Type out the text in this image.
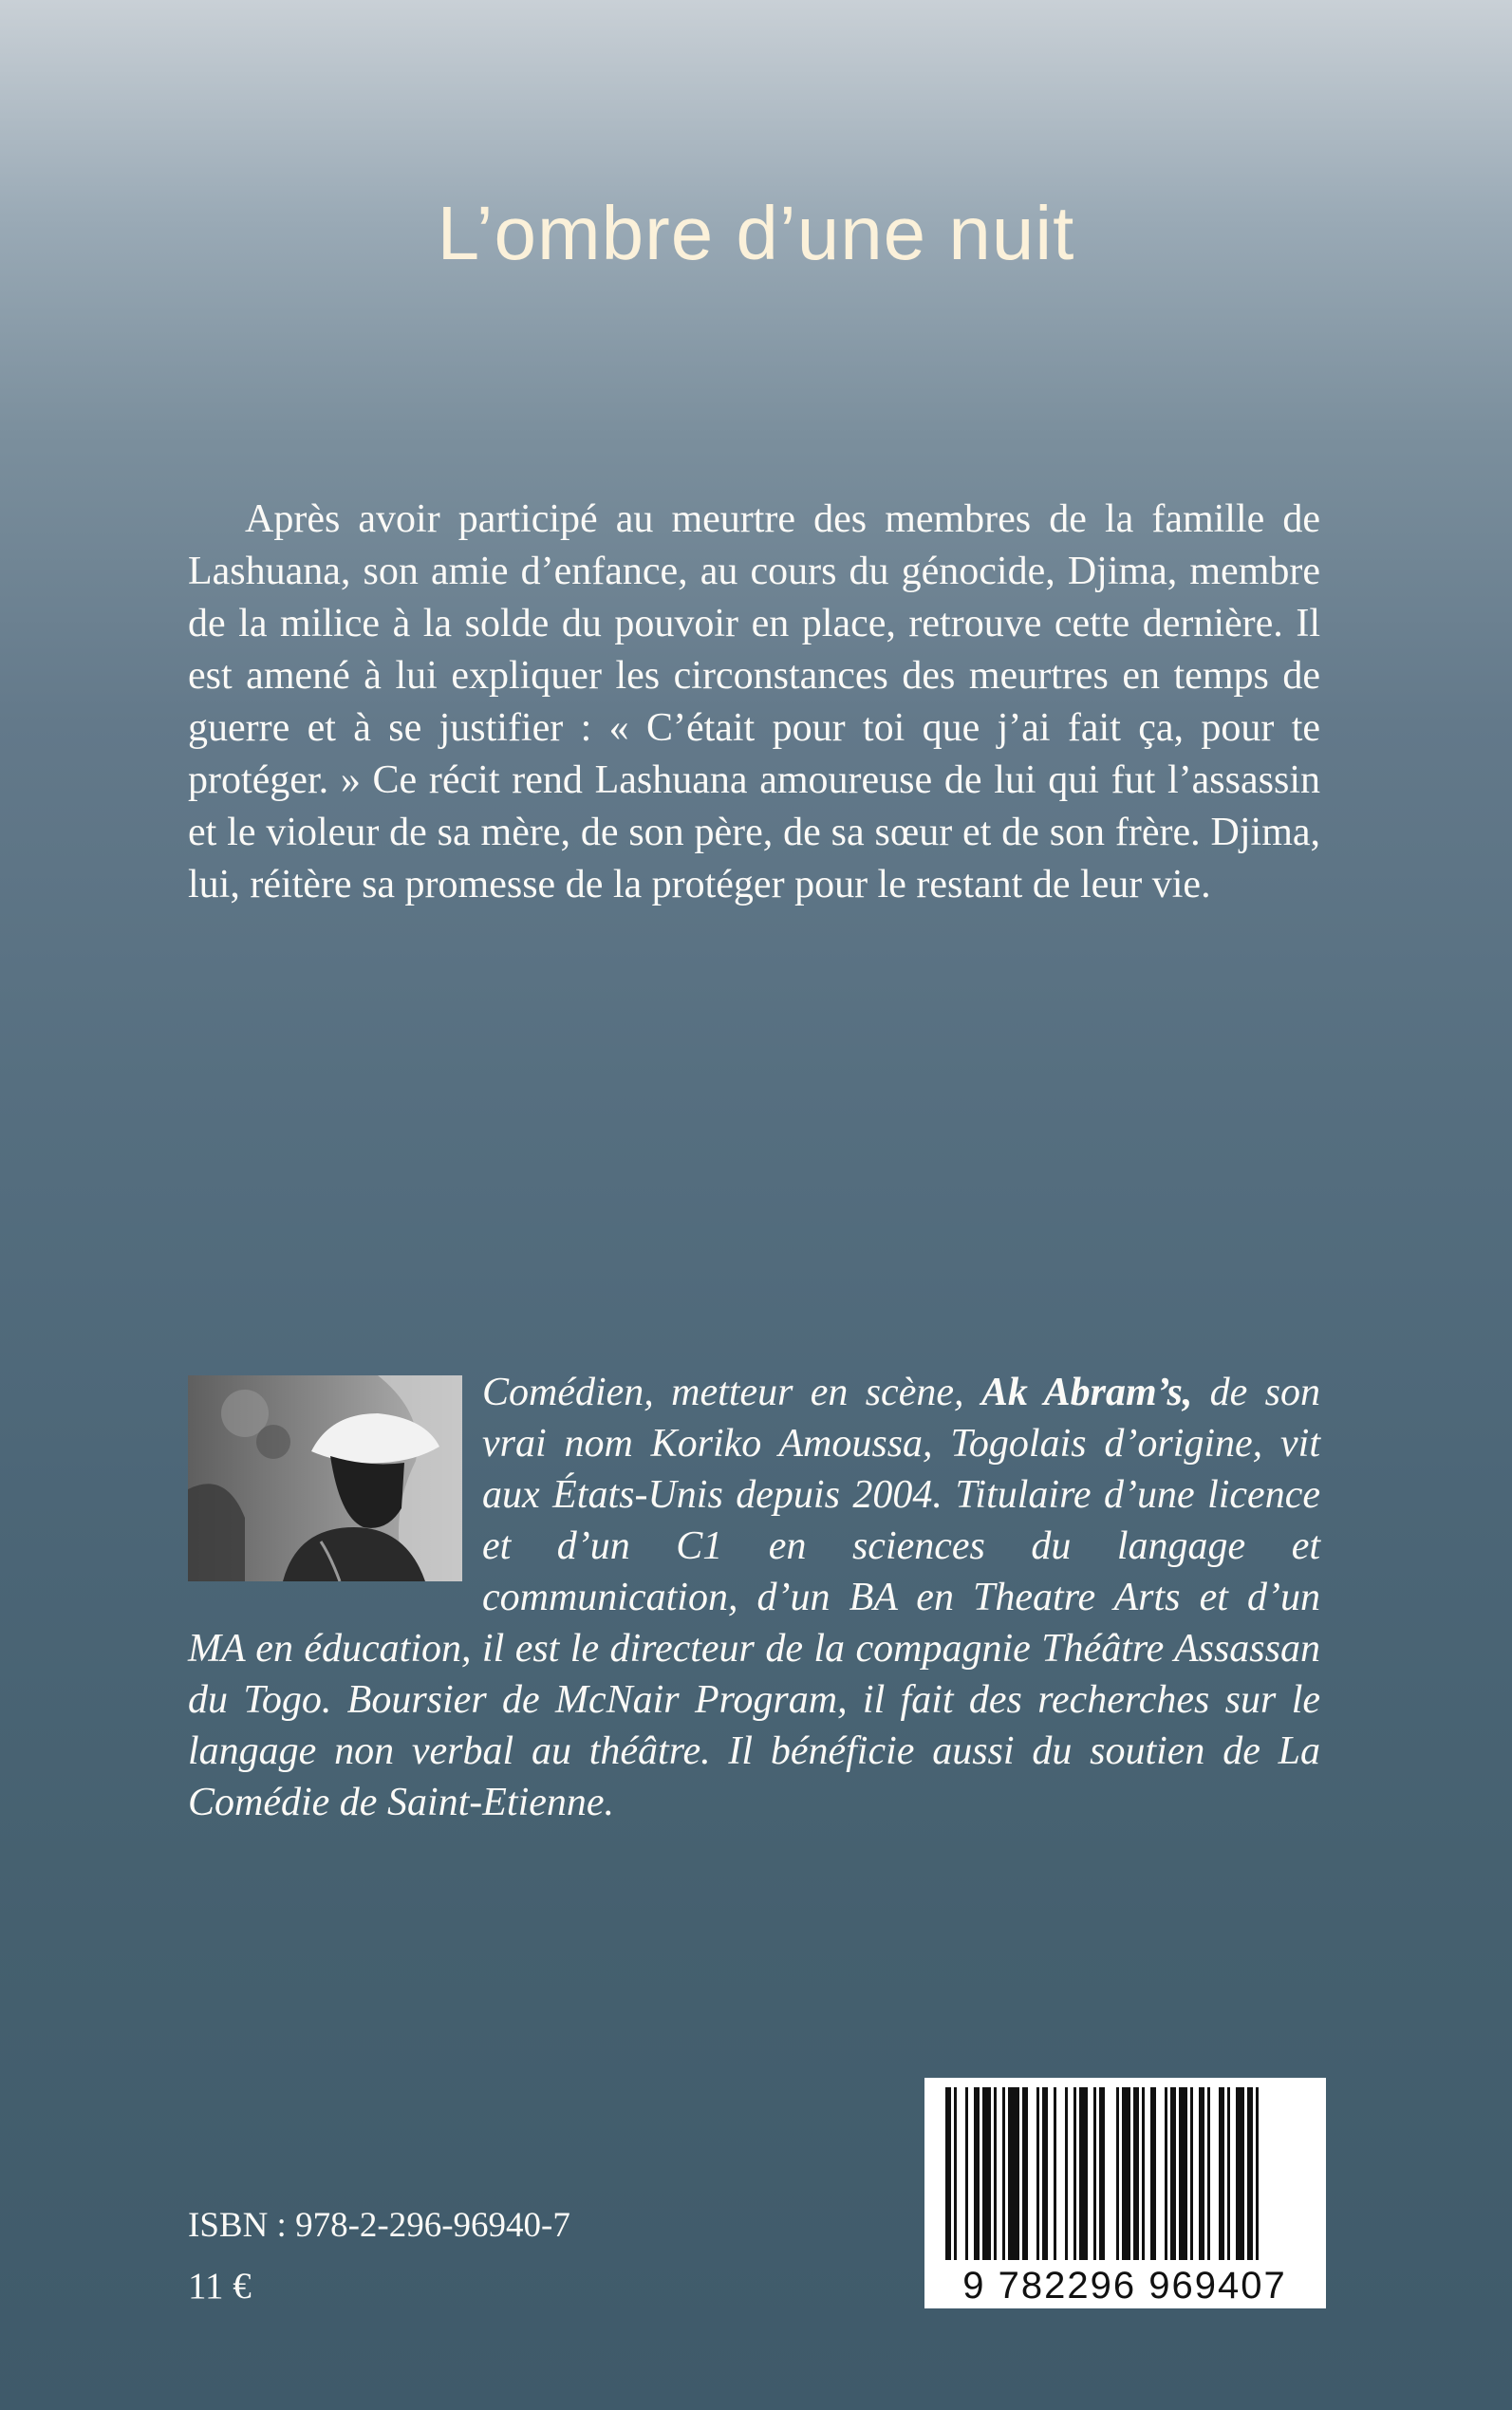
L’ombre d’une nuit

Après avoir participé au meurtre des membres de la famille de Lashuana, son amie d’enfance, au cours du génocide, Djima, membre de la milice à la solde du pouvoir en place, retrouve cette dernière. Il est amené à lui expliquer les circonstances des meurtres en temps de guerre et à se justifier : « C’était pour toi que j’ai fait ça, pour te protéger. » Ce récit rend Lashuana amoureuse de lui qui fut l’assassin et le violeur de sa mère, de son père, de sa sœur et de son frère. Djima, lui, réitère sa promesse de la protéger pour le restant de leur vie.

Comédien, metteur en scène, Ak Abram’s, de son vrai nom Koriko Amoussa, Togolais d’origine, vit aux États-Unis depuis 2004. Titulaire d’une licence et d’un C1 en sciences du langage et communication, d’un BA en Theatre Arts et d’un MA en éducation, il est le directeur de la compagnie Théâtre Assassan du Togo. Boursier de McNair Program, il fait des recherches sur le langage non verbal au théâtre. Il bénéficie aussi du soutien de La Comédie de Saint-Etienne.

ISBN : 978-2-296-96940-7

11 €	9 782296 969407
